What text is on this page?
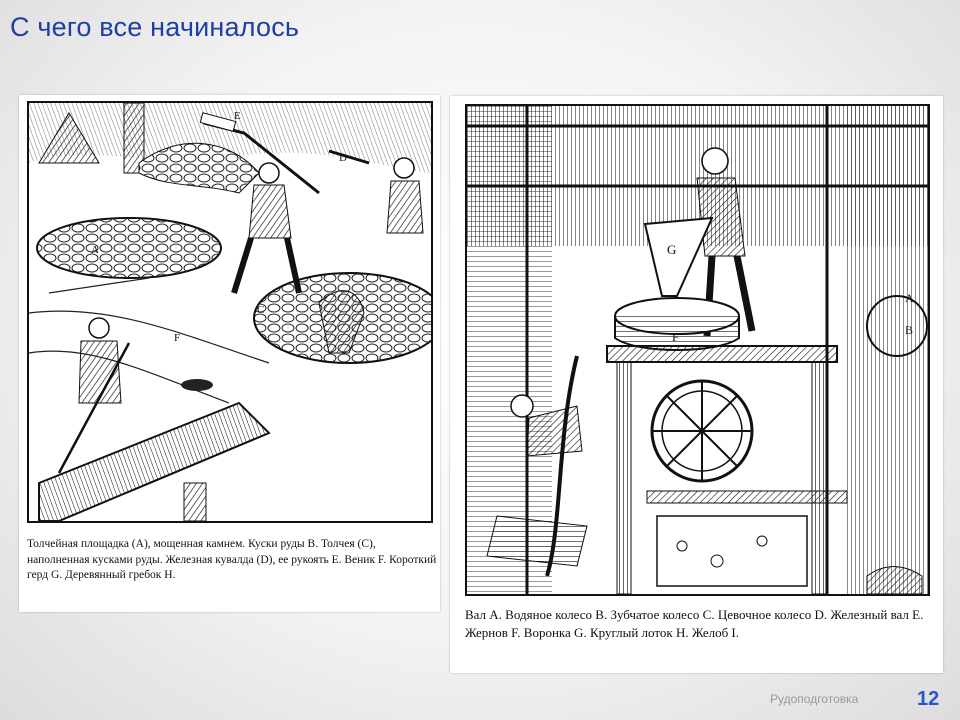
С чего все начиналось
A
G
F
D
C
E
Толчейная площадка (A), мощенная камнем. Куски руды B. Толчея (C), наполненная кусками руды. Железная кувалда (D), ее рукоять E. Веник F. Короткий герд G. Деревянный гребок H.
G
F	B
A
Вал A. Водяное колесо B. Зубчатое колесо C. Цевочное колесо D. Железный вал E. Жернов F. Воронка G. Круглый лоток H. Желоб I.
Рудоподготовка	12
